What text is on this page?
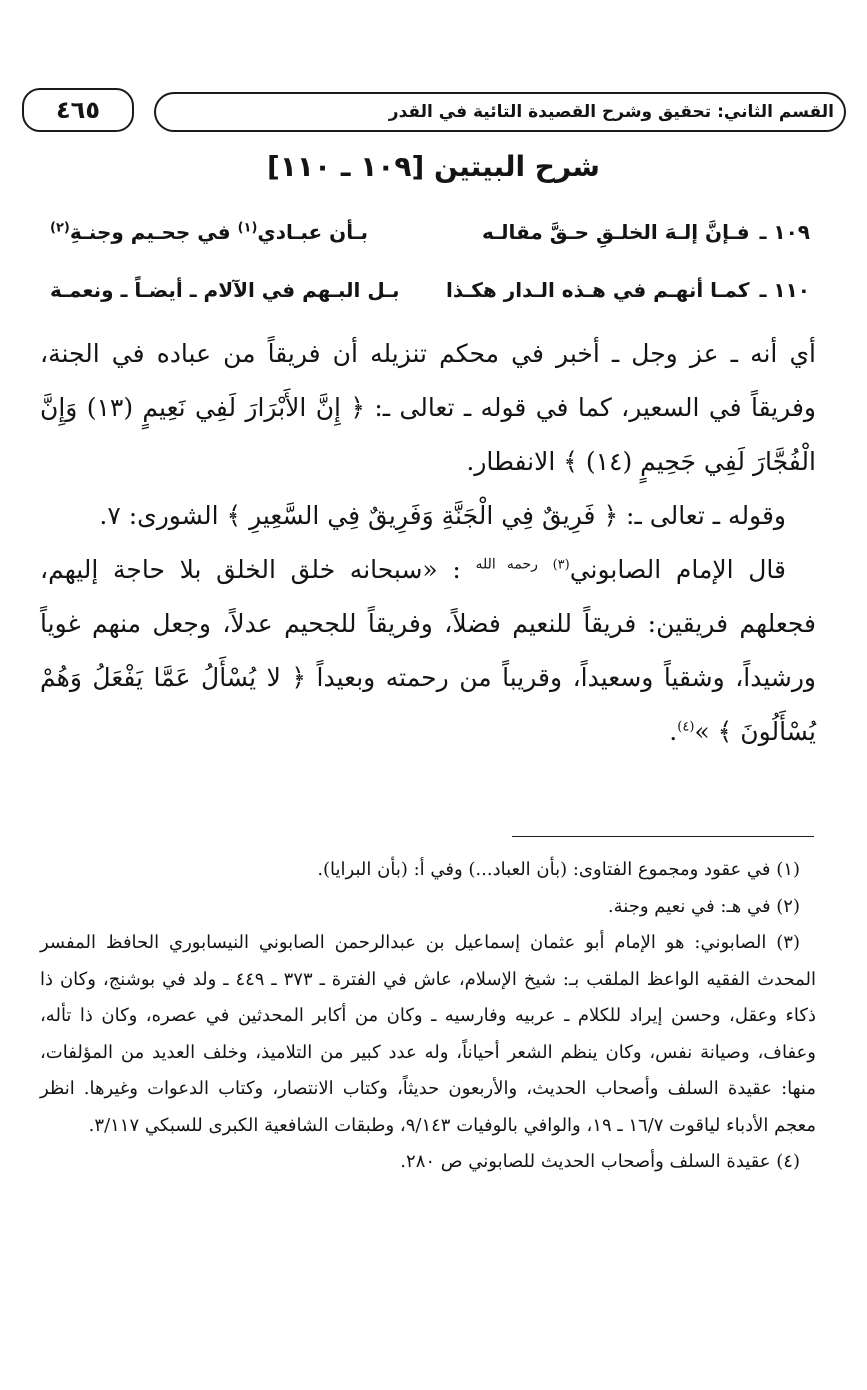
القسم الثاني: تحقيق وشرح القصيدة التائية في القدر
٤٦٥
شرح البيتين [١٠٩ ـ ١١٠]
١٠٩ ـ
فـإنَّ إلـهَ الخلـقِ حـقَّ مقالـه
بـأن عبـادي$^{(١)}$ في جحـيم وجنـةِ$^{(٢)}$
١١٠ ـ
كمـا أنهـم في هـذه الـدار هكـذا
بـل البـهم في الآلام ـ أيضـاً ـ ونعمـة

أي أنه ـ عز وجل ـ أخبر في محكم تنزيله أن فريقاً من عباده في الجنة، وفريقاً في السعير، كما في قوله ـ تعالى ـ: ﴿ إِنَّ الأَبْرَارَ لَفِي نَعِيمٍ (١٣) وَإِنَّ الْفُجَّارَ لَفِي جَحِيمٍ (١٤) ﴾ الانفطار.

وقوله ـ تعالى ـ: ﴿ فَرِيقٌ فِي الْجَنَّةِ وَفَرِيقٌ فِي السَّعِيرِ ﴾ الشورى: ٧.

قال الإمام الصابوني$^{(٣)}$ $^{رحمه الله}$ : «سبحانه خلق الخلق بلا حاجة إليهم، فجعلهم فريقين: فريقاً للنعيم فضلاً، وفريقاً للجحيم عدلاً، وجعل منهم غوياً ورشيداً، وشقياً وسعيداً، وقريباً من رحمته وبعيداً ﴿ لا يُسْأَلُ عَمَّا يَفْعَلُ وَهُمْ يُسْأَلُونَ ﴾ »$^{(٤)}$.

(١) في عقود ومجموع الفتاوى: (بأن العباد...) وفي أ: (بأن البرايا).

(٢) في هـ: في نعيم وجنة.

(٣) الصابوني: هو الإمام أبو عثمان إسماعيل بن عبدالرحمن الصابوني النيسابوري الحافظ المفسر المحدث الفقيه الواعظ الملقب بـ: شيخ الإسلام، عاش في الفترة ـ ٣٧٣ ـ ٤٤٩ ـ ولد في بوشنج، وكان ذا ذكاء وعقل، وحسن إيراد للكلام ـ عربيه وفارسيه ـ وكان من أكابر المحدثين في عصره، وكان ذا تأله، وعفاف، وصيانة نفس، وكان ينظم الشعر أحياناً، وله عدد كبير من التلاميذ، وخلف العديد من المؤلفات، منها: عقيدة السلف وأصحاب الحديث، والأربعون حديثاً، وكتاب الانتصار، وكتاب الدعوات وغيرها. انظر معجم الأدباء لياقوت ١٦/٧ ـ ١٩، والوافي بالوفيات ٩/١٤٣، وطبقات الشافعية الكبرى للسبكي ٣/١١٧.

(٤) عقيدة السلف وأصحاب الحديث للصابوني ص ٢٨٠.
